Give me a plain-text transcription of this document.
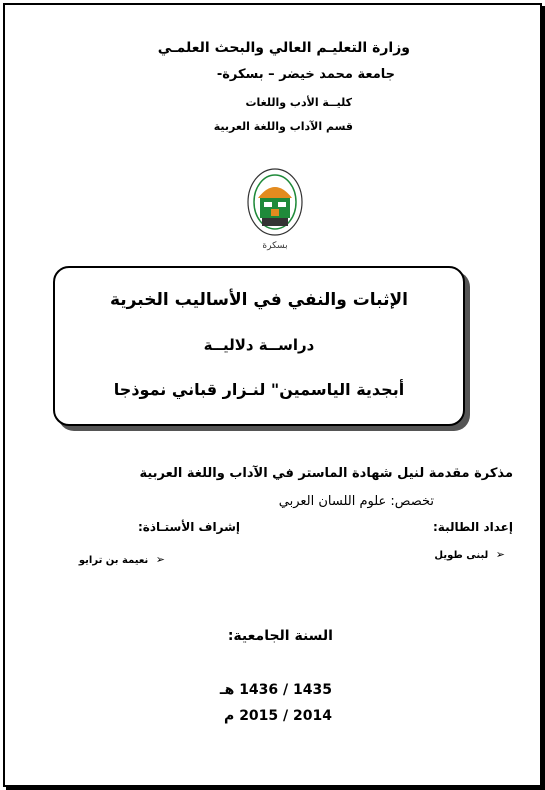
وزارة التعليـم العالي والبحث العلمـي
جامعة محمد خيضر – بسكرة-
كليــة الأدب واللغات
قسم الآداب واللغة العربية
بسكرة
الإثبات والنفي في الأساليب الخبرية
دراســة دلاليــة
أبجدية الياسمين" لنـزار قباني نموذجا
مذكرة مقدمة لنيل شهادة الماستر في الآداب واللغة العربية
تخصص: علوم اللسان العربي
إعداد الطالبة:
إشراف الأستـاذة:
➢ لبنى طويل
➢ نعيمة بن ترايو
السنة الجامعية:
1435 / 1436 هـ
2014 / 2015 م
